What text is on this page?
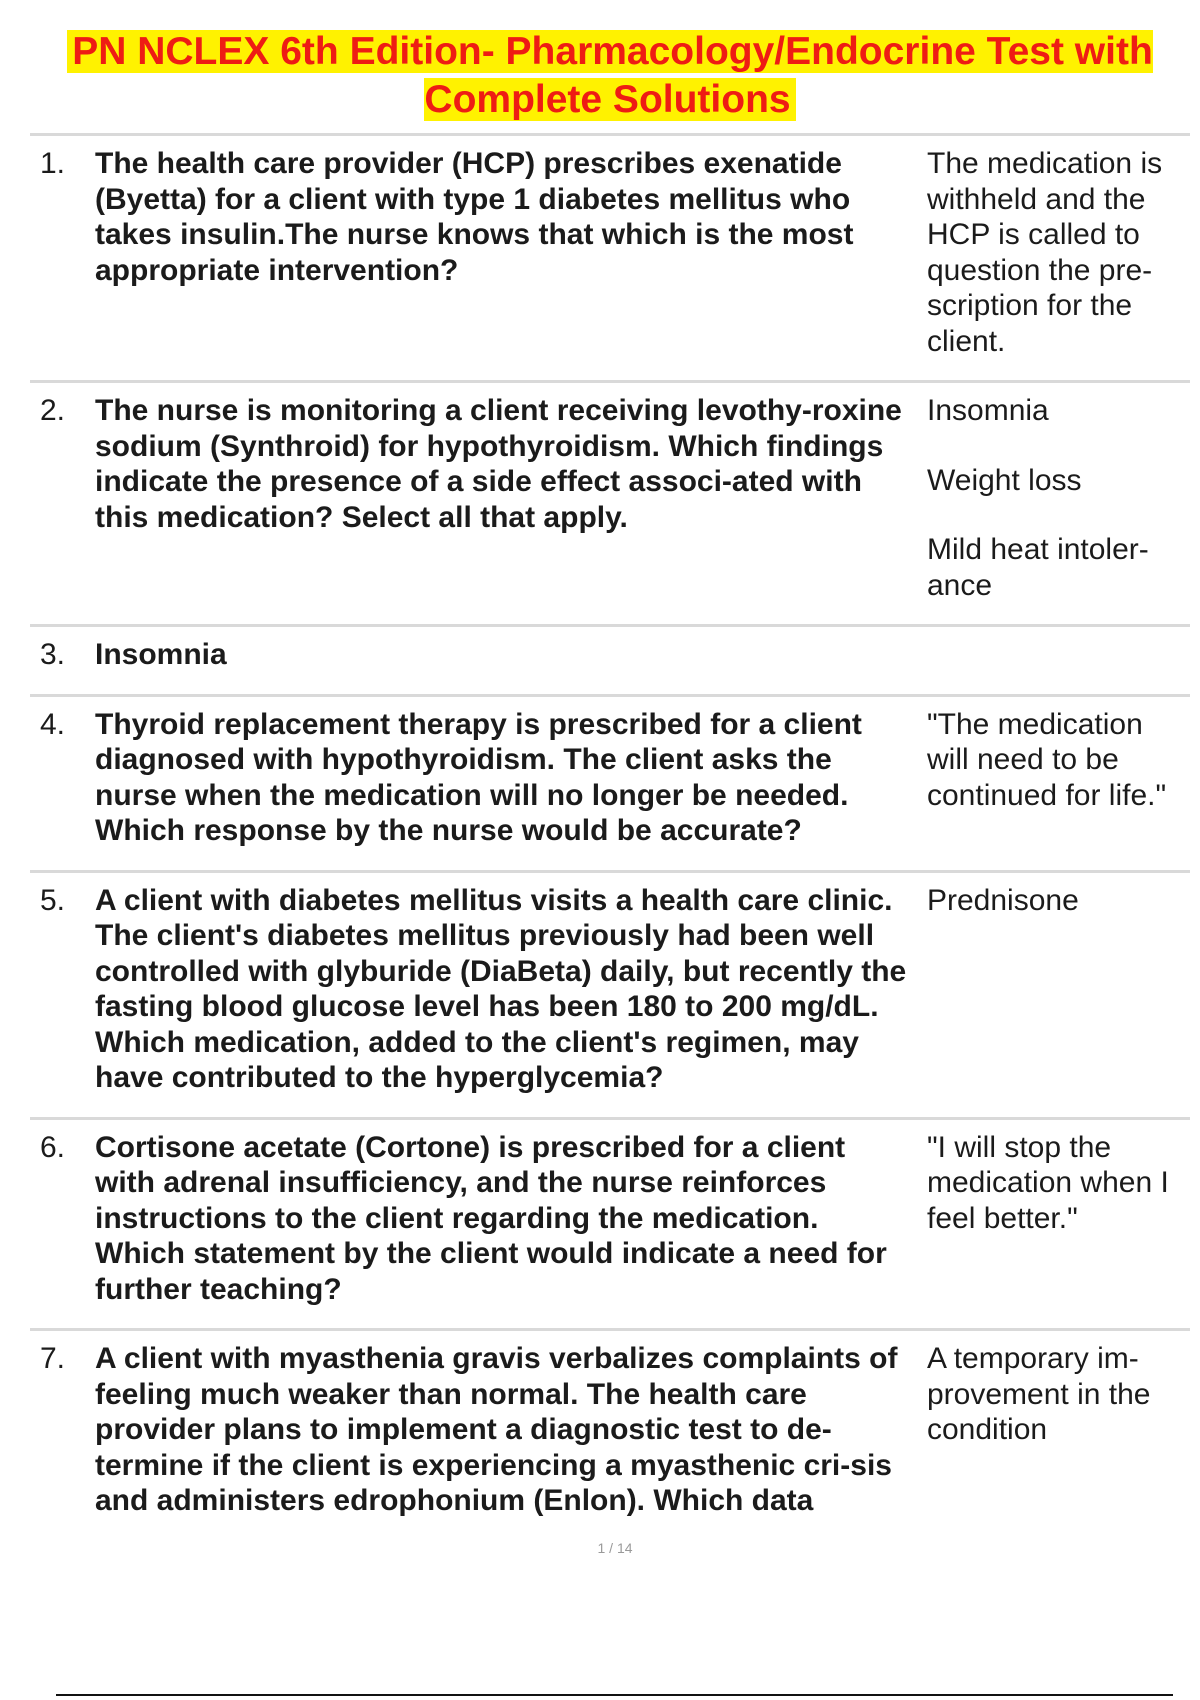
PN NCLEX 6th Edition- Pharmacology/Endocrine Test with Complete Solutions
1. The health care provider (HCP) prescribes exenatide (Byetta) for a client with type 1 diabetes mellitus who takes insulin.The nurse knows that which is the most appropriate intervention?

The medication is withheld and the HCP is called to question the pre-scription for the client.

2. The nurse is monitoring a client receiving levothy-roxine sodium (Synthroid) for hypothyroidism. Which findings indicate the presence of a side effect associ-ated with this medication? Select all that apply.

Insomnia

Weight loss

Mild heat intoler-ance

3. Insomnia
4. Thyroid replacement therapy is prescribed for a client diagnosed with hypothyroidism. The client asks the nurse when the medication will no longer be needed. Which response by the nurse would be accurate?

"The medication will need to be continued for life."

5. A client with diabetes mellitus visits a health care clinic. The client's diabetes mellitus previously had been well controlled with glyburide (DiaBeta) daily, but recently the fasting blood glucose level has been 180 to 200 mg/dL. Which medication, added to the client's regimen, may have contributed to the hyperglycemia?

Prednisone

6. Cortisone acetate (Cortone) is prescribed for a client with adrenal insufficiency, and the nurse reinforces instructions to the client regarding the medication. Which statement by the client would indicate a need for further teaching?

"I will stop the medication when I feel better."

7. A client with myasthenia gravis verbalizes complaints of feeling much weaker than normal. The health care provider plans to implement a diagnostic test to de-termine if the client is experiencing a myasthenic cri-sis and administers edrophonium (Enlon). Which data

A temporary im-provement in the condition

1 / 14
